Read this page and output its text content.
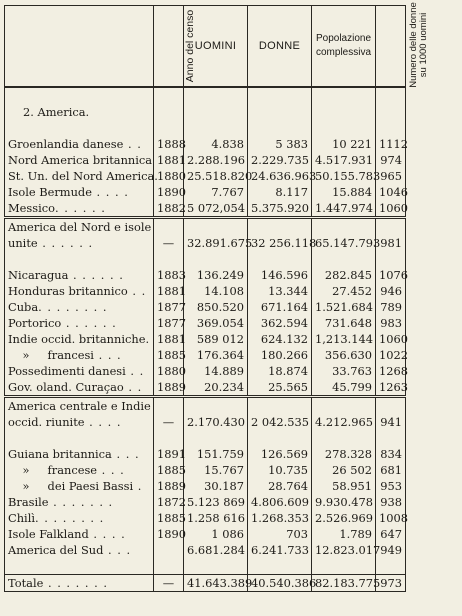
	Anno del censo	UOMINI	DONNE	Popolazione
complessiva	Numero delle donne
su 1000 uomini

2. America.					

Groenlandia danese . .	1888	4.838	5 383	10 221	1112
Nord America britannica	1881	2.288.196	2.229.735	4.517.931	974
St. Un. del Nord America.	1880	25.518.820	24.636.963	50.155.783	965
Isole Bermude . . . .	1890	7.767	8.117	15.884	1046
Messico. . . . . .	1882	5 072,054	5.375.920	1.447.974	1060
America del Nord e isole					
unite . . . . . .	—	32.891.675	32 256.118	65.147.793	981

Nicaragua . . . . . .	1883	136.249	146.596	282.845	1076
Honduras britannico . .	1881	14.108	13.344	27.452	946
Cuba. . . . . . . .	1877	850.520	671.164	1.521.684	789
Portorico . . . . . .	1877	369.054	362.594	731.648	983
Indie occid. britanniche.	1881	589 012	624.132	1,213.144	1060
»     francesi . . .	1885	176.364	180.266	356.630	1022
Possedimenti danesi . .	1880	14.889	18.874	33.763	1268
Gov. oland. Curaçao . .	1889	20.234	25.565	45.799	1263
America centrale e Indie					
occid. riunite . . . .	—	2.170.430	2 042.535	4.212.965	941

Guiana britannica . . .	1891	151.759	126.569	278.328	834
»     francese . . .	1885	15.767	10.735	26 502	681
»     dei Paesi Bassi .	1889	30.187	28.764	58.951	953
Brasile . . . . . . .	1872	5.123 869	4.806.609	9.930.478	938
Chilì. . . . . . . .	1885	1.258 616	1.268.353	2.526.969	1008
Isole Falkland . . . .	1890	1 086	703	1.789	647
America del Sud . . .		6.681.284	6.241.733	12.823.017	949

Totale . . . . . . .	—	41.643.389	40.540.386	82.183.775	973
